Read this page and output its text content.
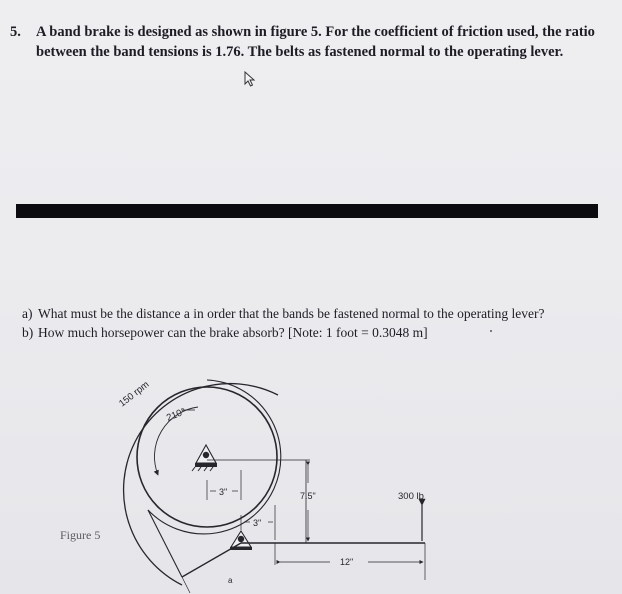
5.	A band brake is designed as shown in figure 5. For the coefficient of friction used, the ratio between the band tensions is 1.76. The belts as fastened normal to the operating lever.
a) What must be the distance a in order that the bands be fastened normal to the operating lever?
b) How much horsepower can the brake absorb? [Note: 1 foot = 0.3048 m]
Figure 5
3"
3"
7.5"	300 lb
12"
150 rpm
210°
a
